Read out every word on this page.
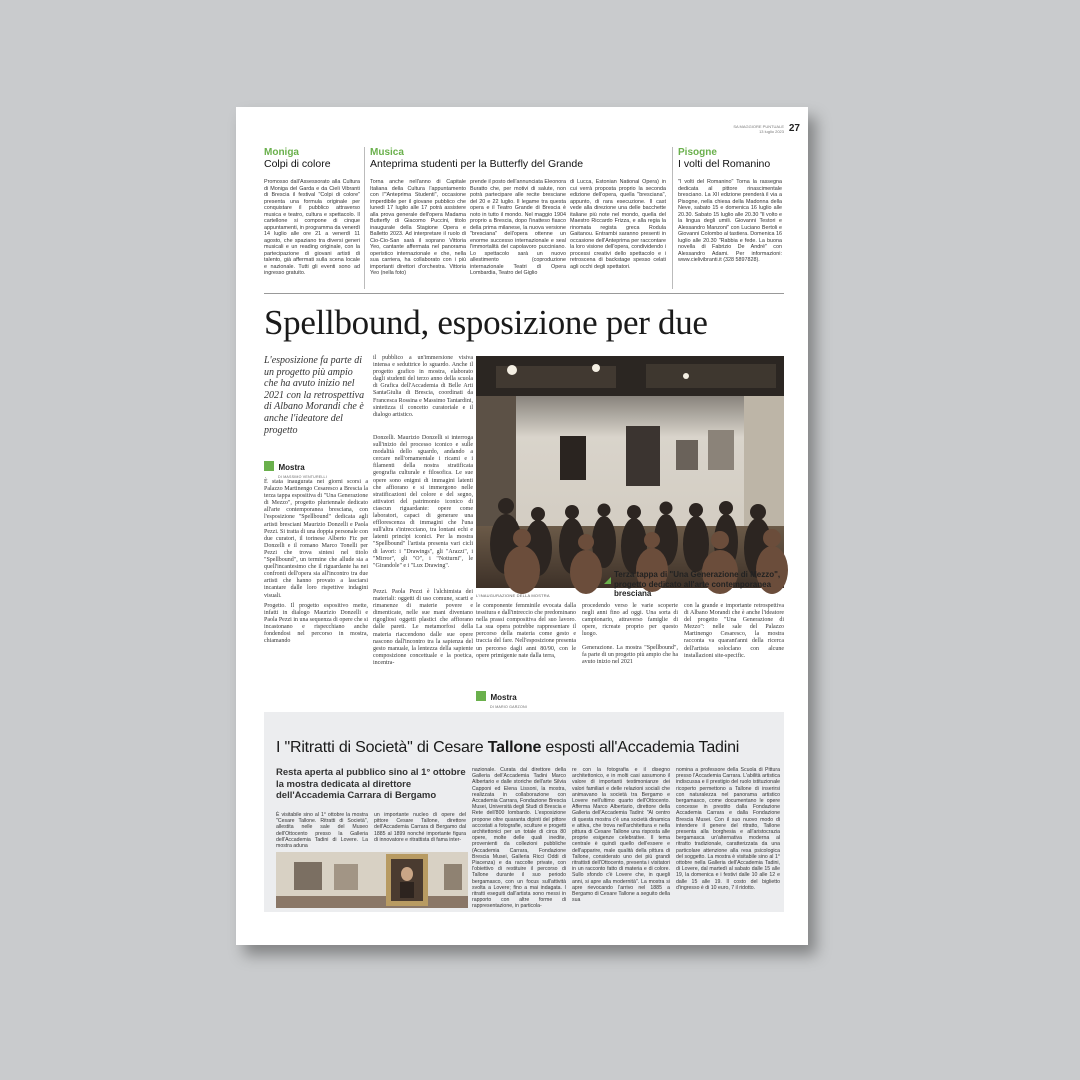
SA MAGGIORE PUNTUALE
13 luglio 2023 27
Moniga
Colpi di colore
Promosso dall'Assessorato alla Cultura di Moniga del Garda e da Cieli Vibranti di Brescia il festival "Colpi di colore" presenta una formula originale per conquistare il pubblico attraverso musica e teatro, cultura e spettacolo. Il cartellone si compone di cinque appuntamenti, in programma da venerdì 14 luglio alle ore 21 a venerdì 11 agosto, che spaziano tra diversi generi musicali e un reading originale, con la partecipazione di giovani artisti di talento, già affermati sulla scena locale e nazionale. Tutti gli eventi sono ad ingresso gratuito.
Musica
Anteprima studenti per la Butterfly del Grande
Torna anche nell'anno di Capitale Italiana della Cultura l'appuntamento con l'"Anteprima Studenti", occasione imperdibile per il giovane pubblico che lunedì 17 luglio alle 17 potrà assistere alla prova generale dell'opera Madama Butterfly di Giacomo Puccini, titolo inaugurale della Stagione Opera e Balletto 2023. Ad interpretare il ruolo di Cio-Cio-San sarà il soprano Vittoria Yeo, cantante affermata nel panorama operistico internazionale e che, nella sua carriera, ha collaborato con i più importanti direttori d'orchestra. Vittoria Yeo (nella foto)
prende il posto dell'annunciata Eleonora Buratto che, per motivi di salute, non potrà partecipare alle recite bresciane del 20 e 22 luglio. Il legame tra questa opera e il Teatro Grande di Brescia è noto in tutto il mondo. Nel maggio 1904 proprio a Brescia, dopo l'inatteso fiasco della prima milanese, la nuova versione "bresciana" dell'opera ottenne un enorme successo internazionale e seal l'immortalità del capolavoro pucciniano. Lo spettacolo sarà un nuovo allestimento (coproduzione internazionale Teatri di Opera Lombardia, Teatro del Giglio
di Lucca, Estonian National Opera) in cui verrà proposta proprio la seconda edizione dell'opera, quella "bresciana", appunto, di rara esecuzione. Il cast vede alla direzione una delle bacchette italiane più note nel mondo, quella del Maestro Riccardo Frizza, e alla regia la rinomata regista greca Rodula Gaitanou. Entrambi saranno presenti in occasione dell'Anteprima per raccontare la loro visione dell'opera, condividendo i processi creativi dello spettacolo e i retroscena di backstage spesso celati agli occhi degli spettatori.
Pisogne
I volti del Romanino
"I volti del Romanino" Torna la rassegna dedicata al pittore rinascimentale bresciano. La XII edizione prenderà il via a Pisogne, nella chiesa della Madonna della Neve, sabato 15 e domenica 16 luglio alle 20.30. Sabato 15 luglio alle 20.30 "Il volto e la lingua degli umili. Giovanni Testori e Alessandro Manzoni" con Luciano Bertoli e Giovanni Colombo al tastiera. Domenica 16 luglio alle 20.30 "Rabbia e fede. La buona novella di Fabrizio De André" con Alessandro Adami. Per informazioni: www.cielivibranti.it (328 5897828).
Spellbound, esposizione per due
L'esposizione fa parte di un progetto più ampio che ha avuto inizio nel 2021 con la retrospettiva di Albano Morandi che è anche l'ideatore del progetto
Mostra
DI MASSIMO VENTURELLI
È stata inaugurata nei giorni scorsi a Palazzo Martinengo Cesaresco a Brescia la terza tappa espositiva di "Una Generazione di Mezzo", progetto pluriennale dedicato all'arte contemporanea bresciana, con l'esposizione "Spellbound" dedicata agli artisti bresciani Maurizio Donzelli e Paola Pezzi. Si tratta di una doppia personale con due curatori, il torinese Alberto Fiz per Donzelli e il romano Marco Tonelli per Pezzi che trova sintesi nel titolo "Spellbound", un termine che allude sia a quell'incantesimo che il riguardante ha nei confronti dell'opera sia all'incontro tra due artisti che hanno provato a lasciarsi incantare dalle loro rispettive indagini visuali.
Progetto. Il progetto espositivo mette, infatti in dialogo Maurizio Donzelli e Paola Pezzi in una sequenza di opere che si incastonano e rispecchiano anche fondendosi nel percorso in mostra, chiamando
il pubblico a un'immersione visiva intensa e seduttrice lo sguardo. Anche il progetto grafico in mostra, elaborato dagli studenti del terzo anno della scuola di Grafica dell'Accademia di Belle Arti SantaGiulia di Brescia, coordinati da Francesca Rossina e Massimo Tantardini, sintetizza il concetto curatoriale e il dialogo artistico.
Donzelli. Maurizio Donzelli si interroga sull'inizio del processo iconico e sulle modalità dello sguardo, andando a cercare nell'ornamentale i ricami e i filamenti della nostra stratificata geografia culturale e filosofica. Le sue opere sono enigmi di immagini latenti che affiorano e si immergono nelle stratificazioni del colore e del segno, attivatori del patrimonio iconico di ciascun riguardante: opere come laboratori, capaci di generare una efflorescenza di immagini che l'una sull'altra s'intrecciano, tra lontani echi e latenti principi iconici. Per la mostra "Spellbound" l'artista presenta vari cicli di lavori: i "Drawings", gli "Arazzi", i "Mirror", gli "O", i "Notturni", le "Girandole" e i "Lux Drawing".
Pezzi. Paola Pezzi è l'alchimista dei materiali: oggetti di uso comune, scarti e rimanenze di materie povere e dimenticate, nelle sue mani diventano rigogliosi oggetti plastici che affiorano dalle pareti. Le metamorfosi della materia riaccendono dalle sue opere nascono dall'incontro tra la sapienza del gesto manuale, la lentezza della sapiente composizione concettuale e la poetica, incentra-
L'INAUGURAZIONE DELLA MOSTRA
Terza tappa di "Una Generazione di Mezzo", progetto dedicato all'arte contemporanea bresciana
le componente femminile evocata dalla tessitura e dall'intreccio che predominano nella prassi compositiva del suo lavoro. La sua opera potrebbe rappresentare il percorso della materia come gesto e traccia del fare. Nell'esposizione presenta un percorso dagli anni 80/90, con le opere primigenie nate dalla terra,
procedendo verso le varie scoperte negli anni fino ad oggi. Una sorta di campionario, attraverso famiglie di opere, ricreate proprio per questo luogo.
Generazione. La mostra "Spellbound", fa parte di un progetto più ampio che ha avuto inizio nel 2021
con la grande e importante retrospettiva di Albano Morandi che è anche l'ideatore del progetto "Una Generazione di Mezzo": nelle sale del Palazzo Martinengo Cesaresco, la mostra racconta va quarant'anni della ricerca dell'artista soloclano con alcune installazioni site-specific.
Mostra
DI MARIO GARZONI
I "Ritratti di Società" di Cesare Tallone esposti all'Accademia Tadini
Resta aperta al pubblico sino al 1° ottobre la mostra dedicata al direttore dell'Accademia Carrara di Bergamo
È visitabile sino al 1° ottobre la mostra "Cesare Tallone. Ritratti di Società", allestita nelle sale del Museo dell'Ottocento presso la Galleria dell'Accademia Tadini di Lovere. La mostra aduna
un importante nucleo di opere del pittore Cesare Tallone, direttore dell'Accademia Carrara di Bergamo dal 1885 al 1899 nonché importante figura di innovatore e ritrattista di fama inter-
nazionale. Curata dal direttore della Galleria dell'Accademia Tadini Marco Albertario e dalle storiche dell'arte Silvia Capponi ed Elena Lissoni, la mostra, realizzata in collaborazione con Accademia Carrara, Fondazione Brescia Musei, Università degli Studi di Brescia e Rete dell'800 lombardo. L'esposizione propone oltre quaranta dipinti del pittore accostati a fotografie, sculture e progetti architettonici per un totale di circa 80 opere, molte delle quali inedite, provenienti da collezioni pubbliche (Accademia Carrara, Fondazione Brescia Musei, Galleria Ricci Oddi di Piacenza) e da raccolte private, con l'obiettivo di restituire il percorso di Tallone durante il suo periodo bergamasco, con un focus sull'attività svolta a Lovere; fino a mai indagata. I ritratti eseguiti dall'artista sono messi in rapporto con altre forme di rappresentazione, in particola-
re con la fotografia e il disegno architettonico, e in molti casi assumono il valore di importanti testimonianze dei valori familiari e delle relazioni sociali che animavano la società tra Bergamo e Lovere nell'ultimo quarto dell'Ottocento. Afferma Marco Albertario, direttore della Galleria dell'Accademia Tadini: "Al centro di questa mostra c'è una società dinamica e attiva, che trova nell'architettura e nella pittura di Cesare Tallone una risposta alle proprie esigenze celebrative. Il tema centrale è quindi quello dell'essere e dell'apparire, male qualità della pittura di Tallone, considerato uno dei più grandi ritrattisti dell'Ottocento, presenta i visitatori in un racconto fatto di materia e di colore. Sullo sfondo c'è Lovere che, in quegli anni, si apre alla modernità". La mostra si apre rievocando l'arrivo nel 1885 a Bergamo di Cesare Tallone a seguito della sua
nomina a professore della Scuola di Pittura presso l'Accademia Carrara. L'abilità artistica indiscussa e il prestigio del ruolo istituzionale ricoperto permettono a Tallone di inserirsi con naturalezza nel panorama artistico bergamasco, come documentano le opere concesse in prestito dalla Fondazione Accademia Carrara e dalla Fondazione Brescia Musei. Con il suo nuovo modo di intendere il genere del ritratto, Tallone presenta alla borghesia e all'aristocrazia bergamasca un'alternativa moderna al ritratto tradizionale, caratterizzata da una particolare attenzione alla resa psicologica del soggetto. La mostra è visitabile sino al 1° ottobre nella Galleria dell'Accademia Tadini, di Lovere, dal martedì al sabato dalle 15 alle 19, la domenica e i festivi dalle 10 alle 12 e dalle 15 alle 19. Il costo del biglietto d'ingresso è di 10 euro, 7 il ridotto.
